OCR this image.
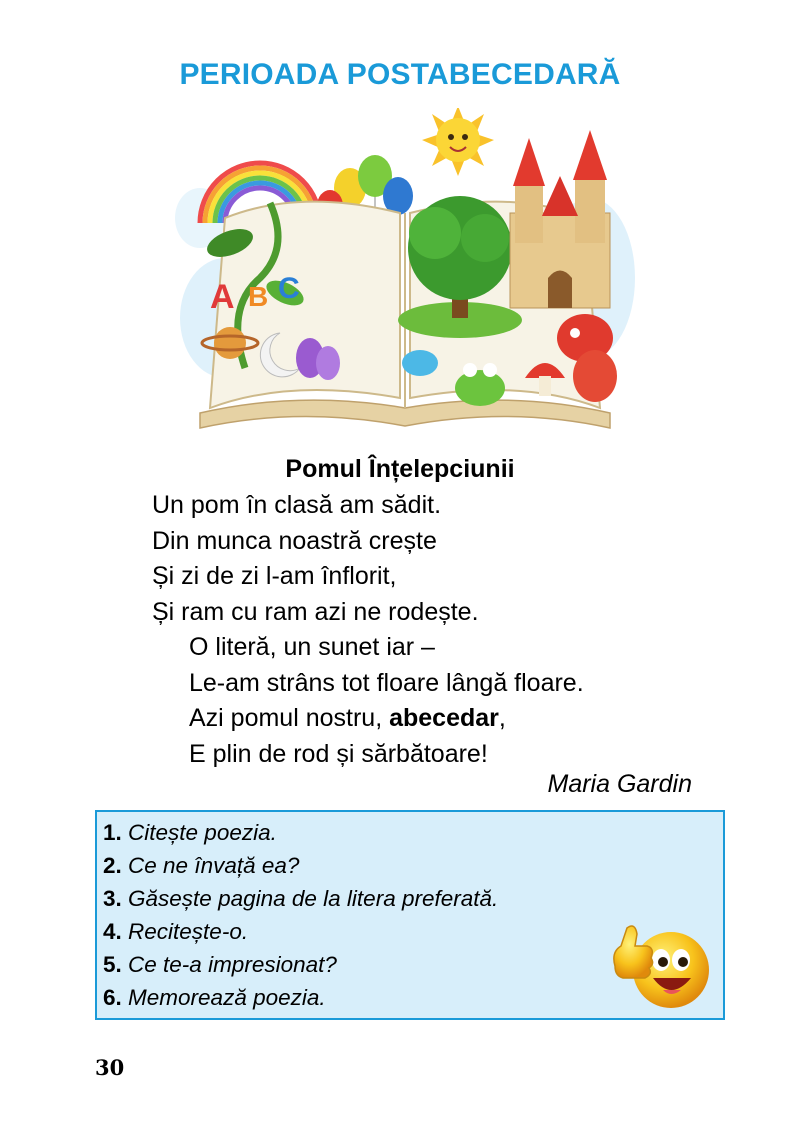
PERIOADA POSTABECEDARĂ
A B C
Pomul Înțelepciunii
Un pom în clasă am sădit.
Din munca noastră crește
Și zi de zi l-am înflorit,
Și ram cu ram azi ne rodește.
O literă, un sunet iar –
Le-am strâns tot floare lângă floare.
Azi pomul nostru, abecedar,
E plin de rod și sărbătoare!
Maria Gardin
1. Citește poezia.
2. Ce ne învață ea?
3. Găsește pagina de la litera preferată.
4. Recitește-o.
5. Ce te-a impresionat?
6. Memorează poezia.
30
